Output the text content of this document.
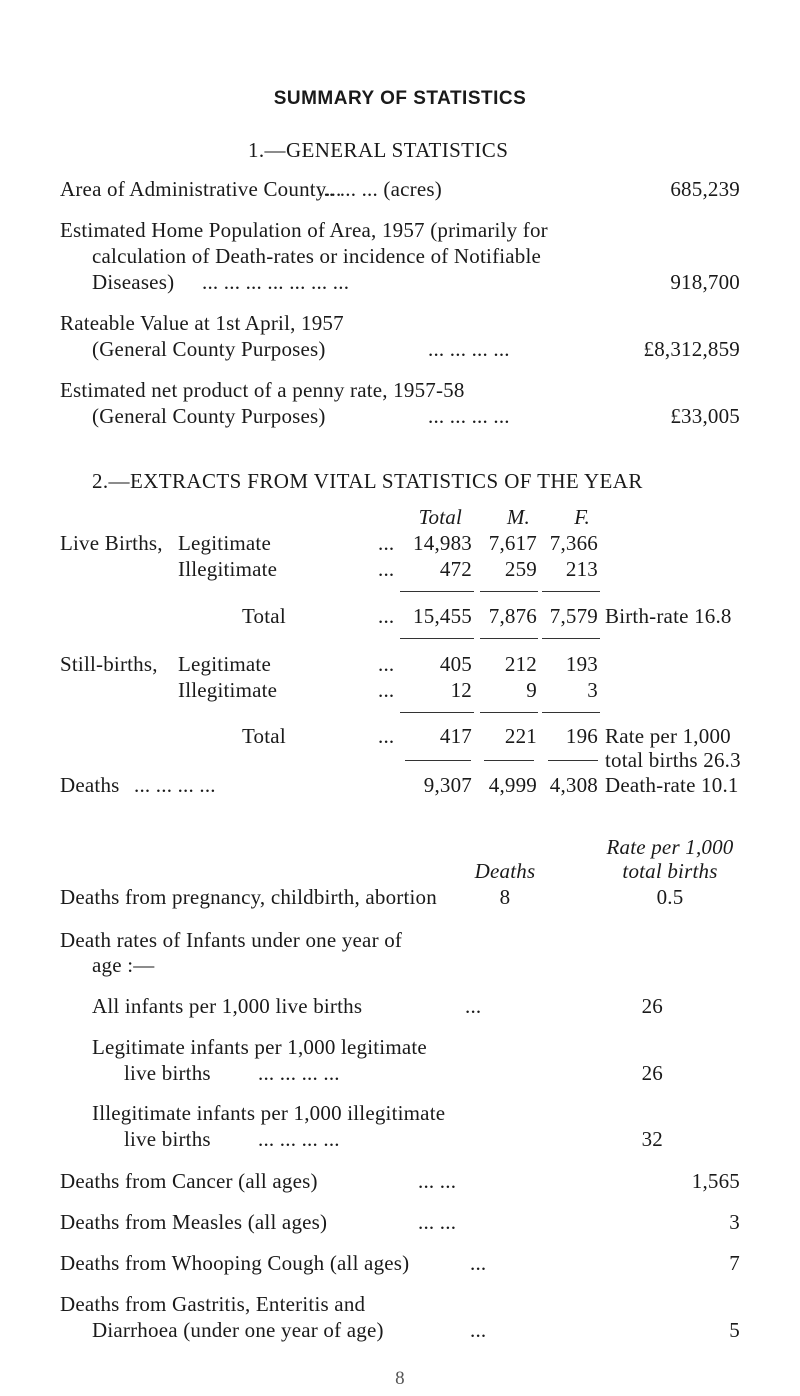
SUMMARY OF STATISTICS
1.—GENERAL STATISTICS
Area of Administrative County...
... ... ... (acres)	685,239
Estimated Home Population of Area, 1957 (primarily for
calculation of Death-rates or incidence of Notifiable
Diseases) ... ... ... ... ... ... ...	918,700
Rateable Value at 1st April, 1957
(General County Purposes)	... ... ... ...	£8,312,859
Estimated net product of a penny rate, 1957-58
(General County Purposes)	... ... ... ...	£33,005
2.—EXTRACTS FROM VITAL STATISTICS OF THE YEAR
Total M. F.
Live Births, Legitimate	... 14,983 7,617 7,366
Illegitimate	... 472 259 213
Total	... 15,455 7,876 7,579 Birth-rate 16.8
Still-births, Legitimate	... 405 212 193
Illegitimate	...	12	9 3
Total	... 417 221 196 Rate per 1,000
total births 26.3
Deaths ... ... ... ...	9,307 4,999 4,308 Death-rate 10.1
Rate per 1,000
Deaths	total births
Deaths from pregnancy, childbirth, abortion	8	0.5
Death rates of Infants under one year of
age :—
All infants per 1,000 live births	...	26
Legitimate infants per 1,000 legitimate
live births ... ... ... ...	26
Illegitimate infants per 1,000 illegitimate
live births ... ... ... ...	32
Deaths from Cancer (all ages)	... ...	1,565
Deaths from Measles (all ages)	... ...	3
Deaths from Whooping Cough (all ages)	...	7
Deaths from Gastritis, Enteritis and
Diarrhoea (under one year of age)	...	5
8
